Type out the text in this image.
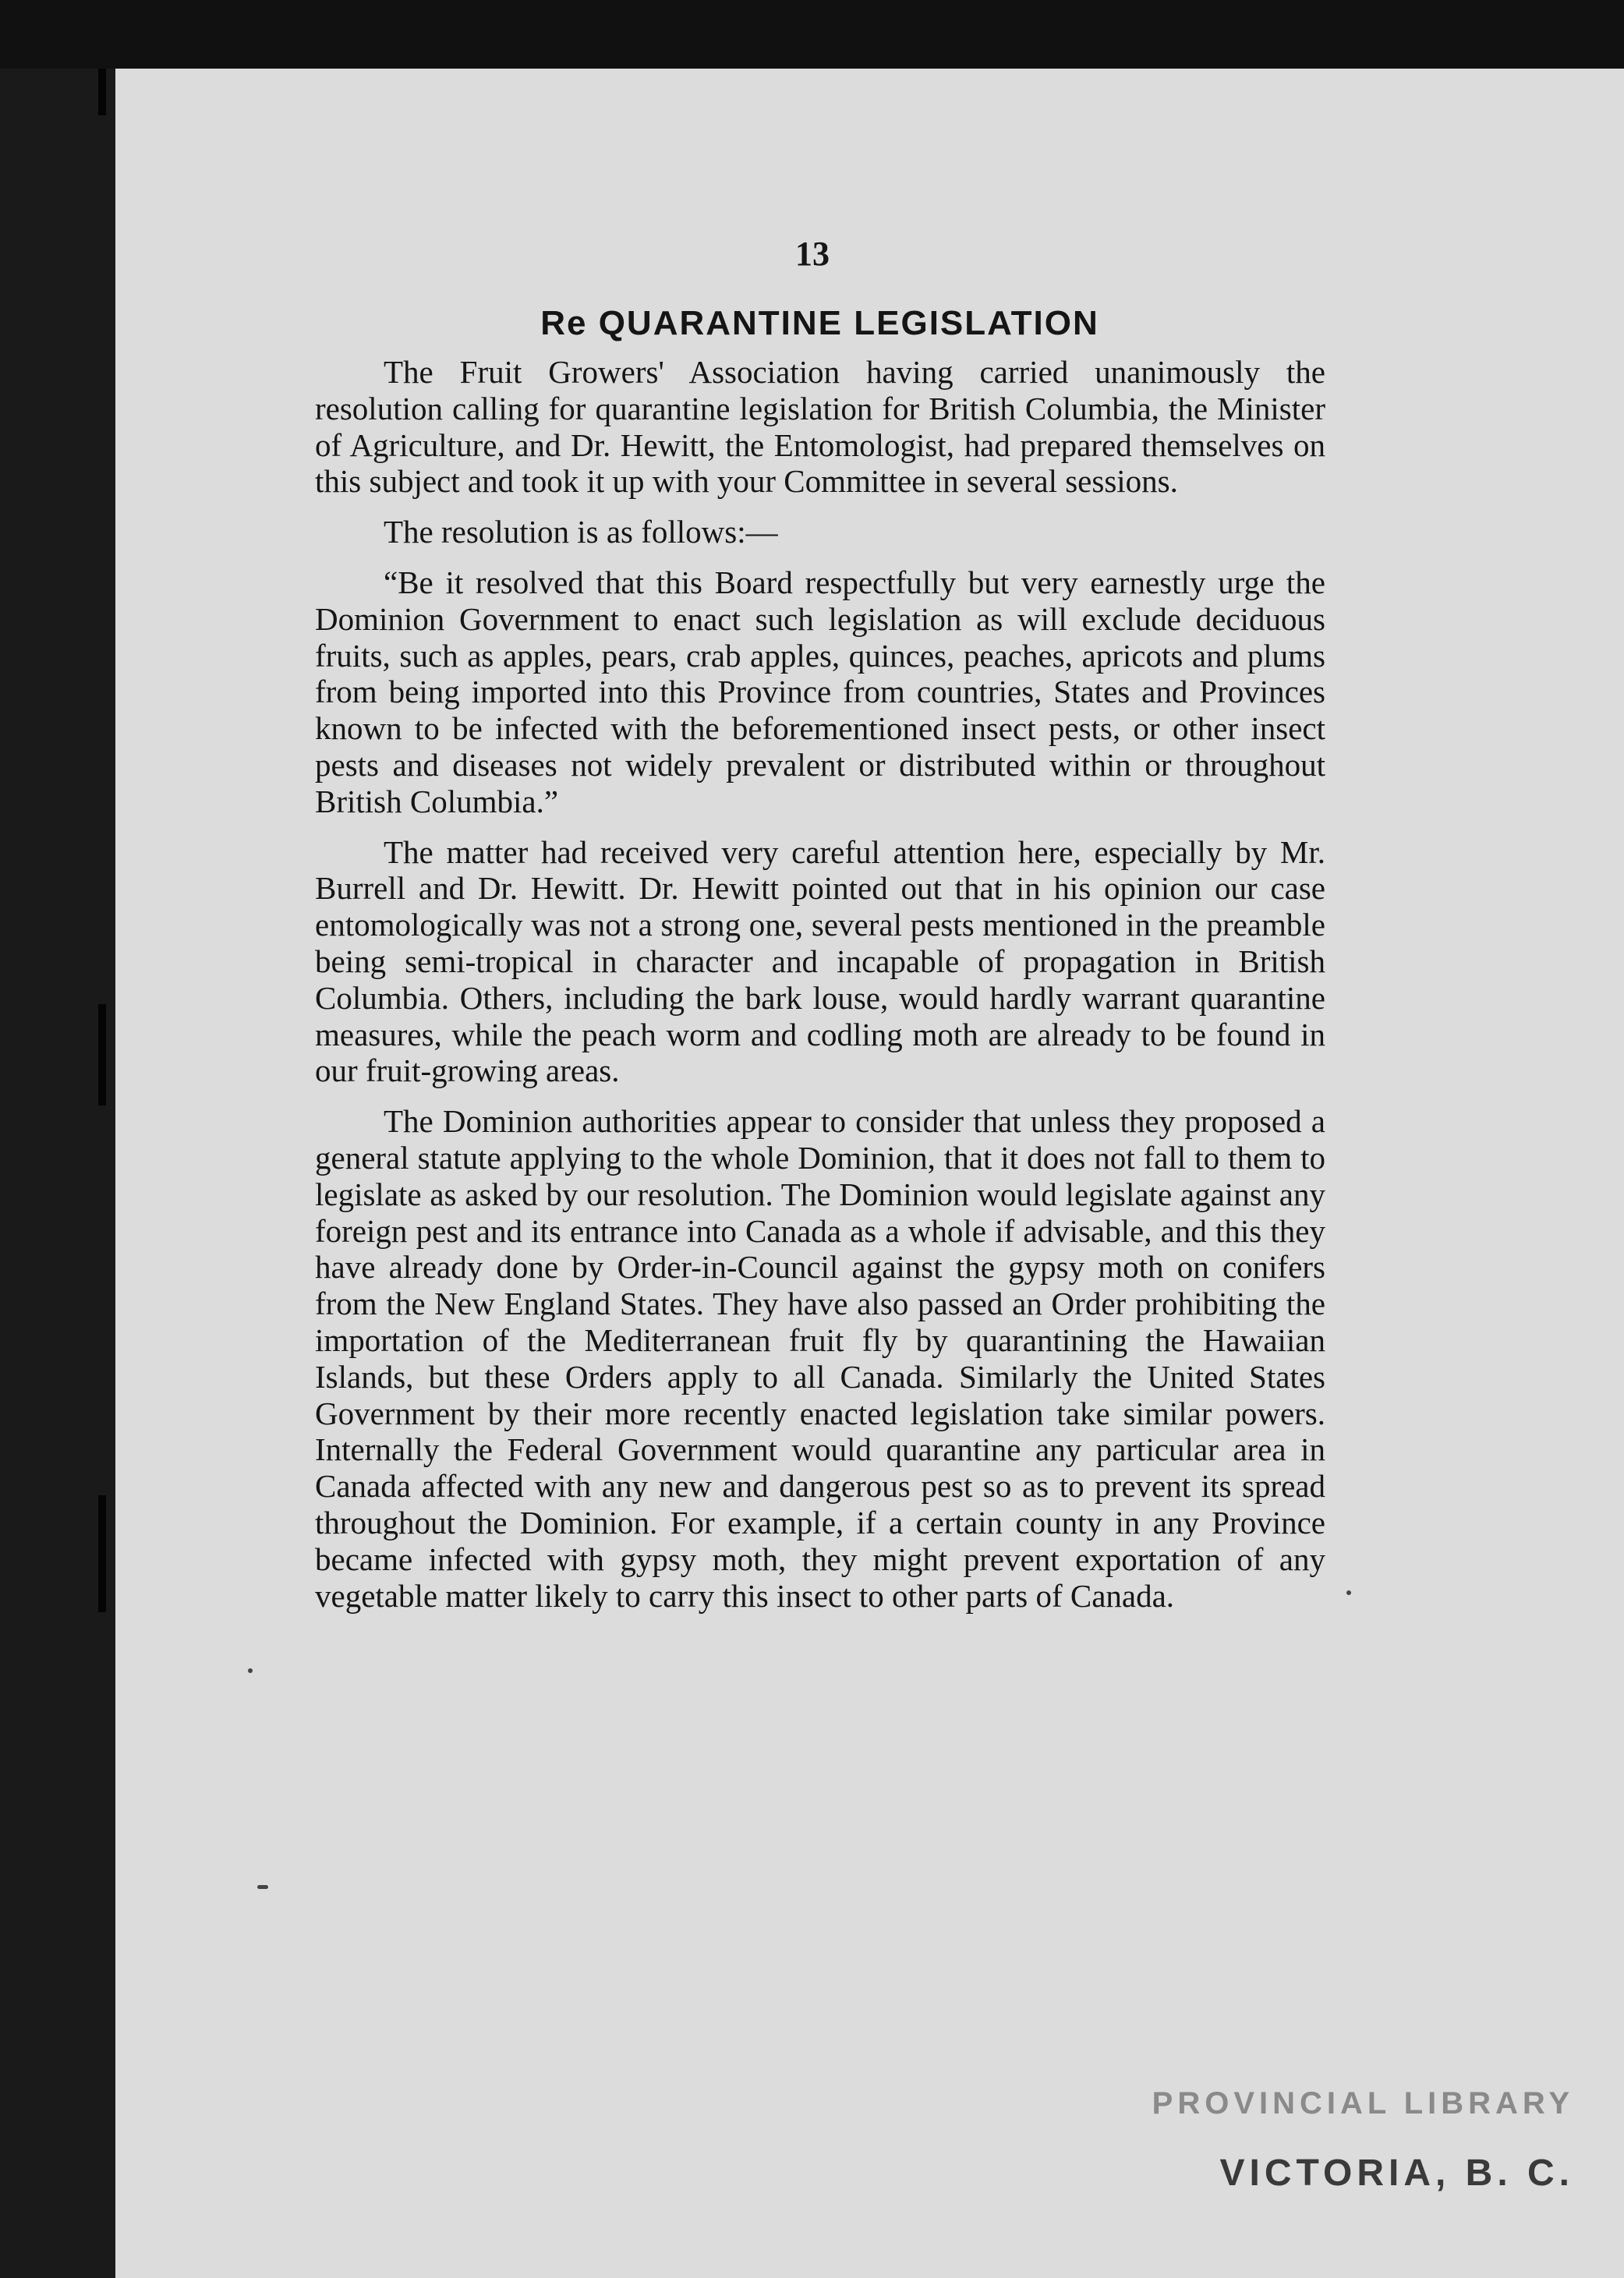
13
Re QUARANTINE LEGISLATION

The Fruit Growers' Association having carried unanimously the resolution calling for quarantine legislation for British Columbia, the Minister of Agriculture, and Dr. Hewitt, the Entomologist, had prepared themselves on this subject and took it up with your Committee in several sessions.

The resolution is as follows:—

“Be it resolved that this Board respectfully but very earnestly urge the Dominion Government to enact such legislation as will exclude deciduous fruits, such as apples, pears, crab apples, quinces, peaches, apricots and plums from being imported into this Province from countries, States and Provinces known to be infected with the beforementioned insect pests, or other insect pests and diseases not widely prevalent or distributed within or throughout British Columbia.”

The matter had received very careful attention here, especially by Mr. Burrell and Dr. Hewitt. Dr. Hewitt pointed out that in his opinion our case entomologically was not a strong one, several pests mentioned in the preamble being semi-tropical in character and incapable of propagation in British Columbia. Others, including the bark louse, would hardly warrant quarantine measures, while the peach worm and codling moth are already to be found in our fruit-growing areas.

The Dominion authorities appear to consider that unless they proposed a general statute applying to the whole Dominion, that it does not fall to them to legislate as asked by our resolution. The Dominion would legislate against any foreign pest and its entrance into Canada as a whole if advisable, and this they have already done by Order-in-Council against the gypsy moth on conifers from the New England States. They have also passed an Order prohibiting the importation of the Mediterranean fruit fly by quarantining the Hawaiian Islands, but these Orders apply to all Canada. Similarly the United States Government by their more recently enacted legislation take similar powers. Internally the Federal Government would quarantine any particular area in Canada affected with any new and dangerous pest so as to prevent its spread throughout the Dominion. For example, if a certain county in any Province became infected with gypsy moth, they might prevent exportation of any vegetable matter likely to carry this insect to other parts of Canada.

PROVINCIAL LIBRARY
VICTORIA, B. C.
